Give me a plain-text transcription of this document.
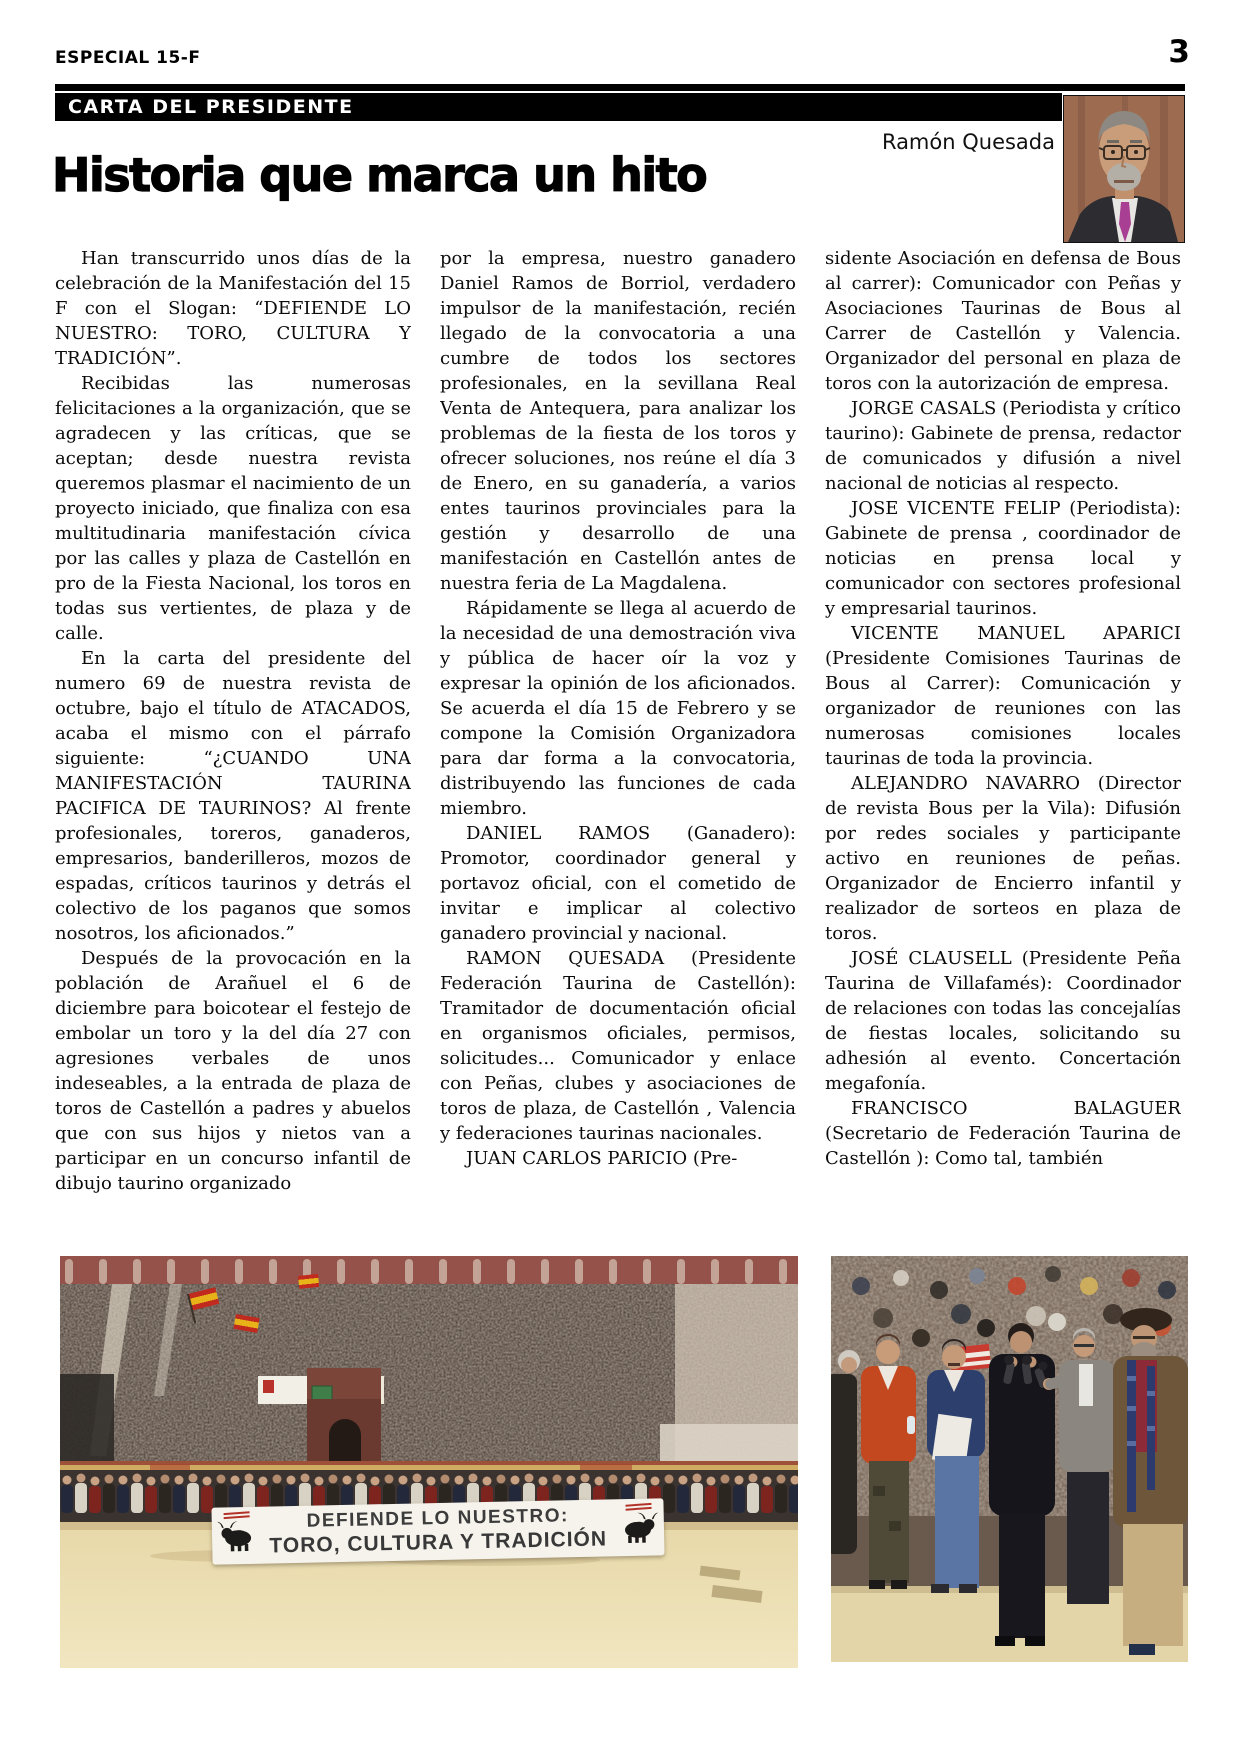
ESPECIAL 15-F	3
CARTA DEL PRESIDENTE
Ramón Quesada
Historia que marca un hito

Han transcurrido unos días de la celebración de la Manifestación del 15 F con el Slogan: “DEFIENDE LO NUESTRO: TORO, CULTURA Y TRADICIÓN”.

Recibidas las numerosas felicitaciones a la organización, que se agradecen y las críticas, que se aceptan; desde nuestra revista queremos plasmar el nacimiento de un proyecto iniciado, que finaliza con esa multitudinaria manifestación cívica por las calles y plaza de Castellón en pro de la Fiesta Nacional, los toros en todas sus vertientes, de plaza y de calle.

En la carta del presidente del numero 69 de nuestra revista de octubre, bajo el título de ATACADOS, acaba el mismo con el párrafo siguiente: “¿CUANDO UNA MANIFESTACIÓN TAURINA PACIFICA DE TAURINOS? Al frente profesionales, toreros, ganaderos, empresarios, banderilleros, mozos de espadas, críticos taurinos y detrás el colectivo de los paganos que somos nosotros, los aficionados.”

Después de la provocación en la población de Arañuel el 6 de diciembre para boicotear el festejo de embolar un toro y la del día 27 con agresiones verbales de unos indeseables, a la entrada de plaza de toros de Castellón a padres y abuelos que con sus hijos y nietos van a participar en un concurso infantil de dibujo taurino organizado

por la empresa, nuestro ganadero Daniel Ramos de Borriol, verdadero impulsor de la manifestación, recién llegado de la convocatoria a una cumbre de todos los sectores profesionales, en la sevillana Real Venta de Antequera, para analizar los problemas de la fiesta de los toros y ofrecer soluciones, nos reúne el día 3 de Enero, en su ganadería, a varios entes taurinos provinciales para la gestión y desarrollo de una manifestación en Castellón antes de nuestra feria de La Magdalena.

Rápidamente se llega al acuerdo de la necesidad de una demostración viva y pública de hacer oír la voz y expresar la opinión de los aficionados. Se acuerda el día 15 de Febrero y se compone la Comisión Organizadora para dar forma a la convocatoria, distribuyendo las funciones de cada miembro.

DANIEL RAMOS (Ganadero): Promotor, coordinador general y portavoz oficial, con el cometido de invitar e implicar al colectivo ganadero provincial y nacional.

RAMON QUESADA (Presidente Federación Taurina de Castellón): Tramitador de documentación oficial en organismos oficiales, permisos, solicitudes... Comunicador y enlace con Peñas, clubes y asociaciones de toros de plaza, de Castellón , Valencia y federaciones taurinas nacionales.

JUAN CARLOS PARICIO (Pre-

sidente Asociación en defensa de Bous al carrer): Comunicador con Peñas y Asociaciones Taurinas de Bous al Carrer de Castellón y Valencia. Organizador del personal en plaza de toros con la autorización de empresa.

JORGE CASALS (Periodista y crítico taurino): Gabinete de prensa, redactor de comunicados y difusión a nivel nacional de noticias al respecto.

JOSE VICENTE FELIP (Periodista): Gabinete de prensa , coordinador de noticias en prensa local y comunicador con sectores profesional y empresarial taurinos.

VICENTE MANUEL APARICI (Presidente Comisiones Taurinas de Bous al Carrer): Comunicación y organizador de reuniones con las numerosas comisiones locales taurinas de toda la provincia.

ALEJANDRO NAVARRO (Director de revista Bous per la Vila): Difusión por redes sociales y participante activo en reuniones de peñas. Organizador de Encierro infantil y realizador de sorteos en plaza de toros.

JOSÉ CLAUSELL (Presidente Peña Taurina de Villafamés): Coordinador de relaciones con todas las concejalías de fiestas locales, solicitando su adhesión al evento. Concertación megafonía.

FRANCISCO BALAGUER (Secretario de Federación Taurina de Castellón ): Como tal, también

DEFIENDE LO NUESTRO:
TORO, CULTURA Y TRADICIÓN
